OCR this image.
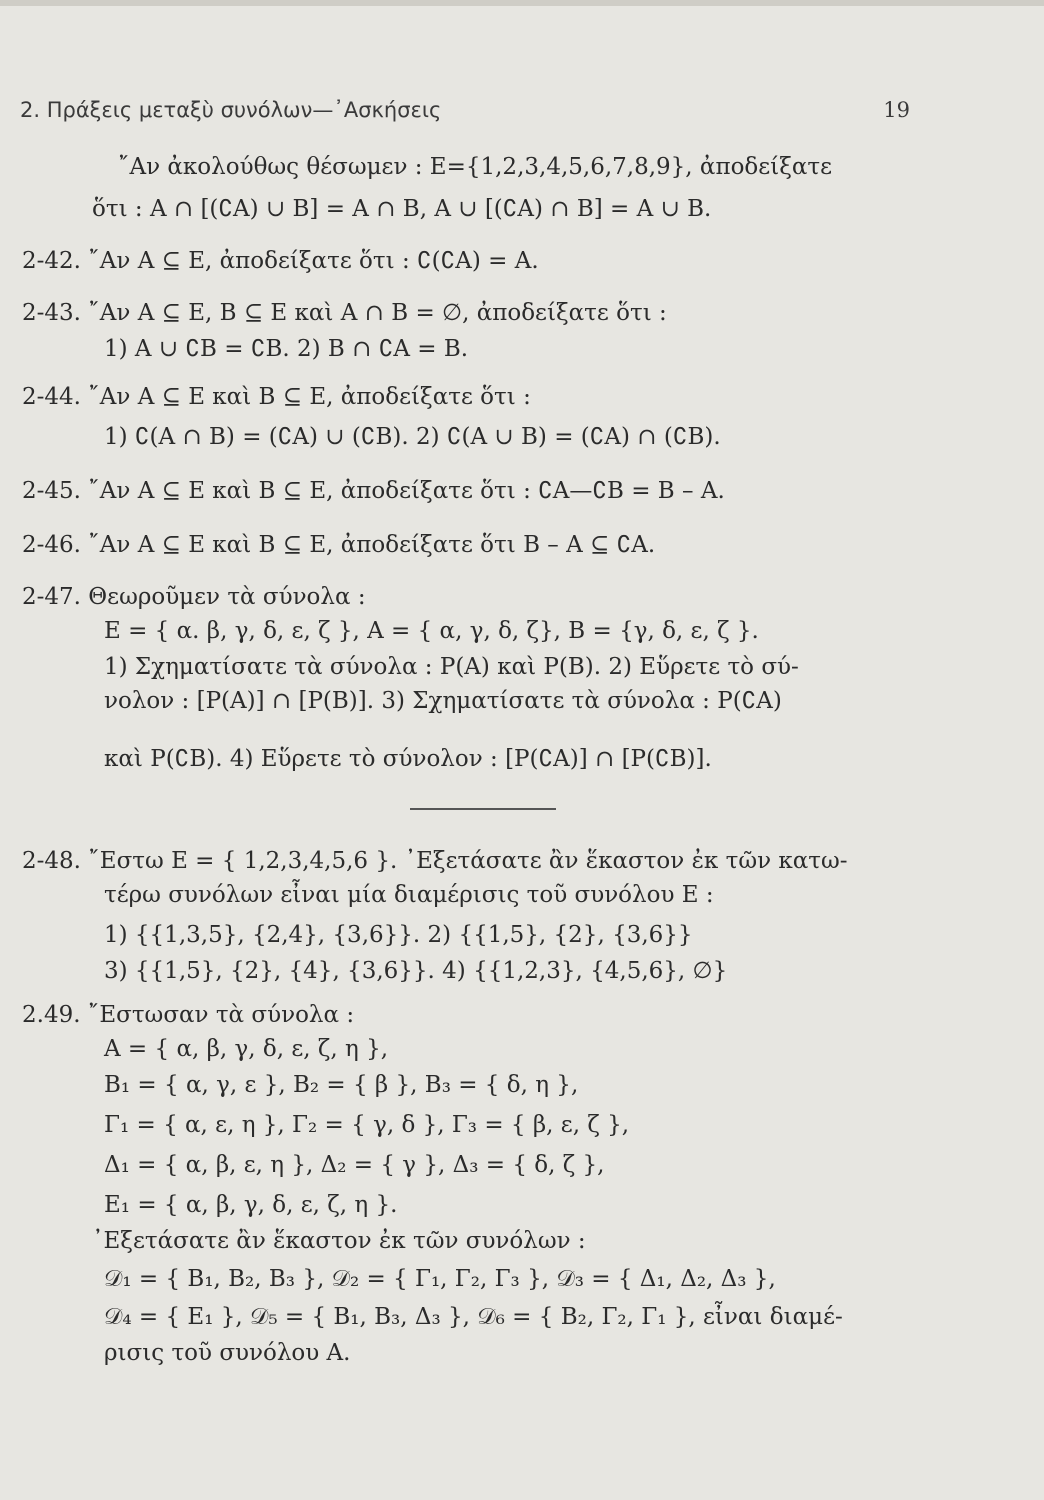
2. Πράξεις μεταξὺ συνόλων—᾿Ασκήσεις	19
῎Αν ἀκολούθως θέσωμεν : Ε={1,2,3,4,5,6,7,8,9}, ἀποδείξατε
ὅτι : Α ∩ [(∁Α) ∪ Β] = Α ∩ Β, Α ∪ [(∁Α) ∩ Β] = Α ∪ Β.
2-42. ῎Αν Α ⊆ Ε, ἀποδείξατε ὅτι : ∁(∁Α) = Α.
2-43. ῎Αν Α ⊆ Ε, Β ⊆ Ε καὶ Α ∩ Β = ∅, ἀποδείξατε ὅτι :
1) Α ∪ ∁Β = ∁Β. 2) Β ∩ ∁Α = Β.
2-44. ῎Αν Α ⊆ Ε καὶ Β ⊆ Ε, ἀποδείξατε ὅτι :
1) ∁(Α ∩ Β) = (∁Α) ∪ (∁Β). 2) ∁(Α ∪ Β) = (∁Α) ∩ (∁Β).
2-45. ῎Αν Α ⊆ Ε καὶ Β ⊆ Ε, ἀποδείξατε ὅτι : ∁Α—∁Β = Β – Α.
2-46. ῎Αν Α ⊆ Ε καὶ Β ⊆ Ε, ἀποδείξατε ὅτι Β – Α ⊆ ∁Α.
2-47. Θεωροῦμεν τὰ σύνολα :
Ε = { α. β, γ, δ, ε, ζ }, Α = { α, γ, δ, ζ}, Β = {γ, δ, ε, ζ }.
1) Σχηματίσατε τὰ σύνολα : Ρ(Α) καὶ Ρ(Β). 2) Εὕρετε τὸ σύ-
νολον : [Ρ(Α)] ∩ [Ρ(Β)]. 3) Σχηματίσατε τὰ σύνολα : Ρ(∁Α)
καὶ Ρ(∁Β). 4) Εὕρετε τὸ σύνολον : [Ρ(∁Α)] ∩ [Ρ(∁Β)].
2-48. ῎Εστω Ε = { 1,2,3,4,5,6 }. ᾿Εξετάσατε ἂν ἕκαστον ἐκ τῶν κατω-
τέρω συνόλων εἶναι μία διαμέρισις τοῦ συνόλου Ε :
1) {{1,3,5}, {2,4}, {3,6}}. 2) {{1,5}, {2}, {3,6}}
3) {{1,5}, {2}, {4}, {3,6}}. 4) {{1,2,3}, {4,5,6}, ∅}
2.49. ῎Εστωσαν τὰ σύνολα :
Α = { α, β, γ, δ, ε, ζ, η },
Β₁ = { α, γ, ε }, Β₂ = { β }, Β₃ = { δ, η },
Γ₁ = { α, ε, η }, Γ₂ = { γ, δ }, Γ₃ = { β, ε, ζ },
Δ₁ = { α, β, ε, η }, Δ₂ = { γ }, Δ₃ = { δ, ζ },
Ε₁ = { α, β, γ, δ, ε, ζ, η }.
᾿Εξετάσατε ἂν ἕκαστον ἐκ τῶν συνόλων :
𝒟₁ = { Β₁, Β₂, Β₃ }, 𝒟₂ = { Γ₁, Γ₂, Γ₃ }, 𝒟₃ = { Δ₁, Δ₂, Δ₃ },
𝒟₄ = { Ε₁ }, 𝒟₅ = { Β₁, Β₃, Δ₃ }, 𝒟₆ = { Β₂, Γ₂, Γ₁ }, εἶναι διαμέ-
ρισις τοῦ συνόλου Α.
